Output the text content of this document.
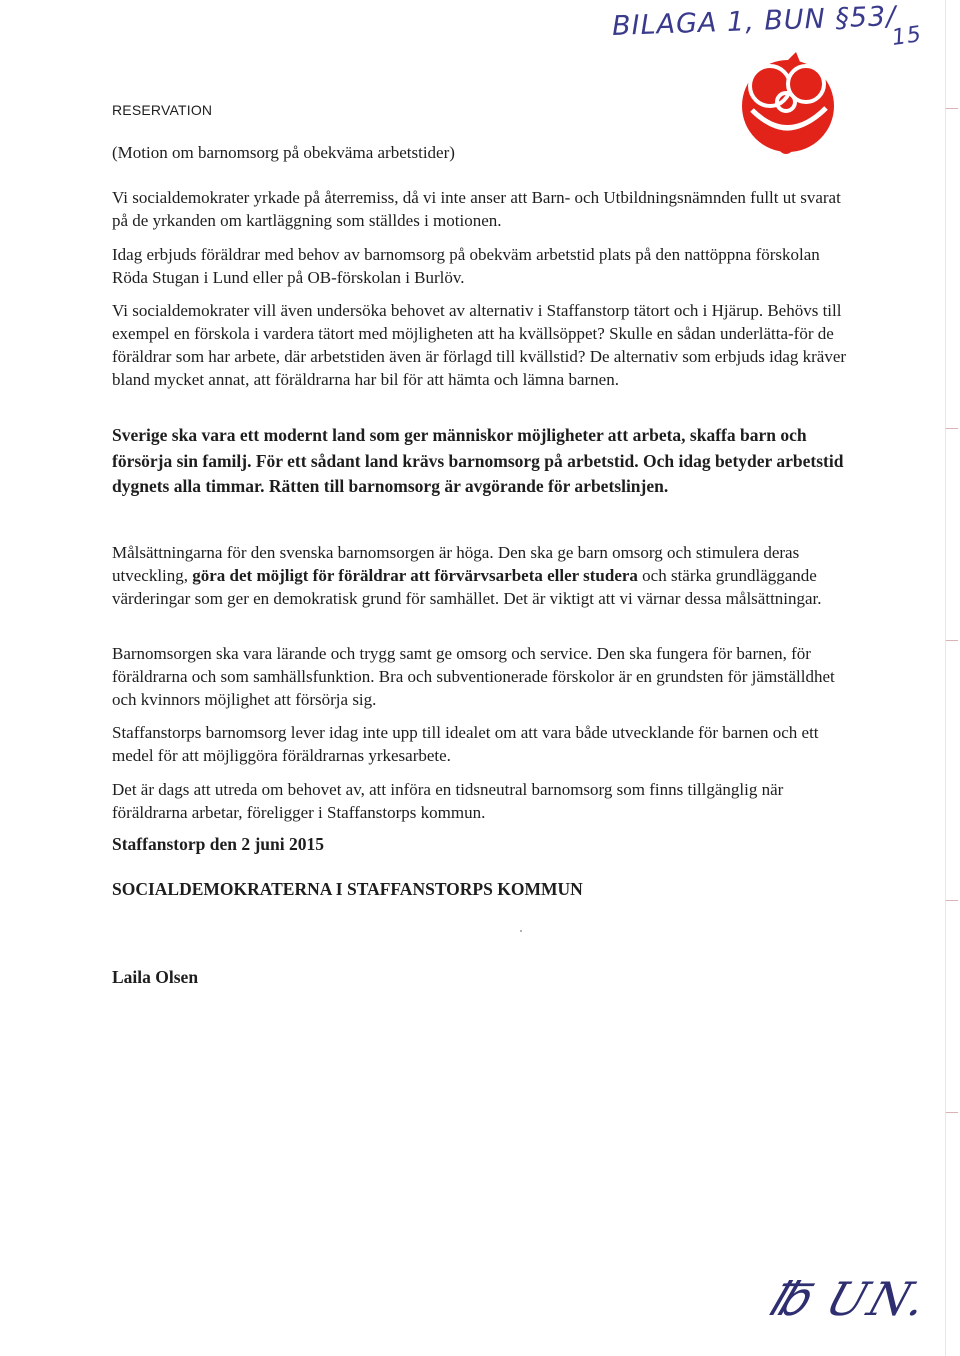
BILAGA 1, BUN §53/
15
RESERVATION
(Motion om barnomsorg på obekväma arbetstider)

Vi socialdemokrater yrkade på återremiss, då vi inte anser att Barn- och Utbildningsnämnden fullt ut svarat på de yrkanden om kartläggning som ställdes i motionen.

Idag erbjuds föräldrar med behov av barnomsorg på obekväm arbetstid plats på den nattöppna förskolan Röda Stugan i Lund eller på OB-förskolan i Burlöv.

Vi socialdemokrater vill även undersöka behovet av alternativ i Staffanstorp tätort och i Hjärup. Behövs till exempel en förskola i vardera tätort med möjligheten att ha kvällsöppet? Skulle en sådan underlätta-för de föräldrar som har arbete, där arbetstiden även är förlagd till kvällstid? De alternativ som erbjuds idag kräver bland mycket annat, att föräldrarna har bil för att hämta och lämna barnen.

Sverige ska vara ett modernt land som ger människor möjligheter att arbeta, skaffa barn och försörja sin familj. För ett sådant land krävs barnomsorg på arbetstid. Och idag betyder arbetstid dygnets alla timmar. Rätten till barnomsorg är avgörande för arbetslinjen.

Målsättningarna för den svenska barnomsorgen är höga. Den ska ge barn omsorg och stimulera deras utveckling, göra det möjligt för föräldrar att förvärvsarbeta eller studera och stärka grundläggande värderingar som ger en demokratisk grund för samhället. Det är viktigt att vi värnar dessa målsättningar.

Barnomsorgen ska vara lärande och trygg samt ge omsorg och service. Den ska fungera för barnen, för föräldrarna och som samhällsfunktion. Bra och subventionerade förskolor är en grundsten för jämställdhet och kvinnors möjlighet att försörja sig.

Staffanstorps barnomsorg lever idag inte upp till idealet om att vara både utvecklande för barnen och ett medel för att möjliggöra föräldrarnas yrkesarbete.

Det är dags att utreda om behovet av, att införa en tidsneutral barnomsorg som finns tillgänglig när föräldrarna arbetar, föreligger i Staffanstorps kommun.

Staffanstorp den 2 juni 2015
SOCIALDEMOKRATERNA I STAFFANSTORPS KOMMUN
Laila Olsen
℔ UN.
